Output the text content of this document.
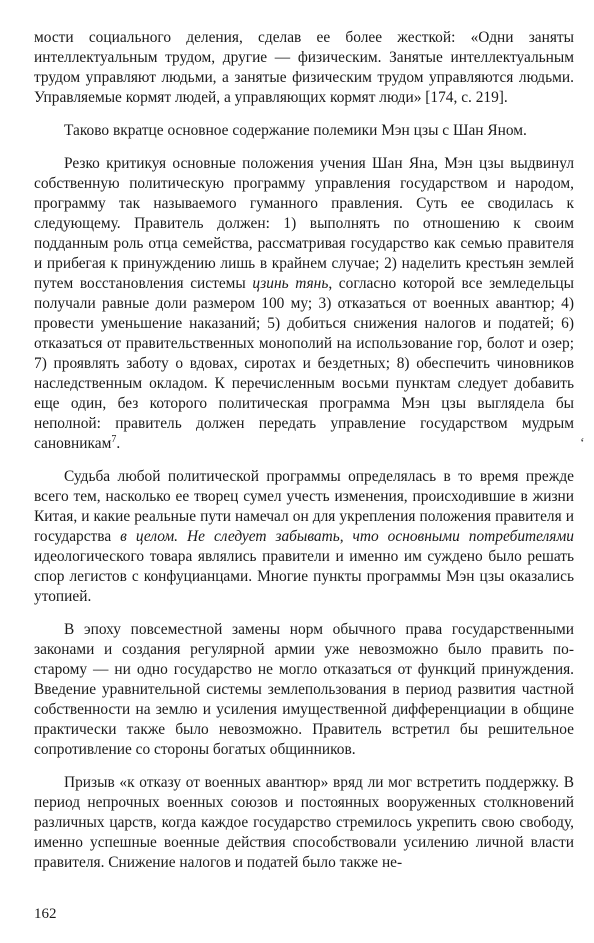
мости социального деления, сделав ее более жесткой: «Одни заняты интеллектуальным трудом, другие — физическим. Занятые интеллектуальным трудом управляют людьми, а занятые физическим трудом управляются людьми. Управляемые кормят людей, а управляющих кормят люди» [174, с. 219].

Таково вкратце основное содержание полемики Мэн цзы с Шан Яном.

Резко критикуя основные положения учения Шан Яна, Мэн цзы выдвинул собственную политическую программу управления государством и народом, программу так называемого гуманного правления. Суть ее сводилась к следующему. Правитель должен: 1) выполнять по отношению к своим подданным роль отца семейства, рассматривая государство как семью правителя и прибегая к принуждению лишь в крайнем случае; 2) наделить крестьян землей путем восстановления системы цзинь тянь, согласно которой все земледельцы получали равные доли размером 100 му; 3) отказаться от военных авантюр; 4) провести уменьшение наказаний; 5) добиться снижения налогов и податей; 6) отказаться от правительственных монополий на использование гор, болот и озер; 7) проявлять заботу о вдовах, сиротах и бездетных; 8) обеспечить чиновников наследственным окладом. К перечисленным восьми пунктам следует добавить еще один, без которого политическая программа Мэн цзы выглядела бы неполной: правитель должен передать управление государством мудрым сановникам$^7$.

Судьба любой политической программы определялась в то время прежде всего тем, насколько ее творец сумел учесть изменения, происходившие в жизни Китая, и какие реальные пути намечал он для укрепления положения правителя и государства в целом. Не следует забывать, что основными потребителями идеологического товара являлись правители и именно им суждено было решать спор легистов с конфуцианцами. Многие пункты программы Мэн цзы оказались утопией.

В эпоху повсеместной замены норм обычного права государственными законами и создания регулярной армии уже невозможно было править по-старому — ни одно государство не могло отказаться от функций принуждения. Введение уравнительной системы землепользования в период развития частной собственности на землю и усиления имущественной дифференциации в общине практически также было невозможно. Правитель встретил бы решительное сопротивление со стороны богатых общинников.

Призыв «к отказу от военных авантюр» вряд ли мог встретить поддержку. В период непрочных военных союзов и постоянных вооруженных столкновений различных царств, когда каждое государство стремилось укрепить свою свободу, именно успешные военные действия способствовали усилению личной власти правителя. Снижение налогов и податей было также не-

ʻ
162
